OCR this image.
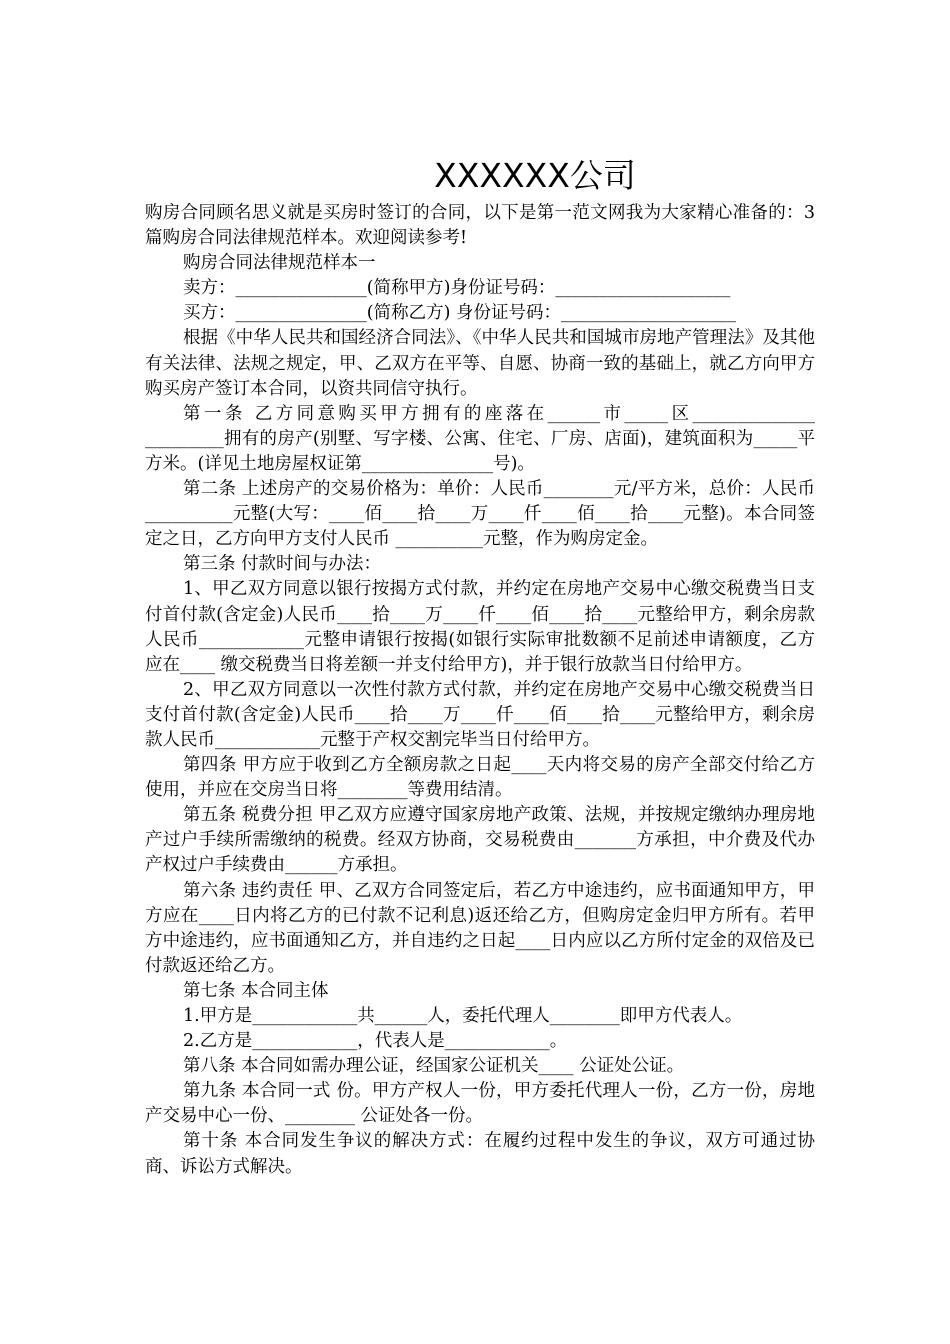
XXXXXX公司

购房合同顾名思义就是买房时签订的合同，以下是第一范文网我为大家精心准备的：3篇购房合同法律规范样本。欢迎阅读参考!

购房合同法律规范样本一

卖方：_______________(简称甲方)身份证号码：____________________

买方：_______________(简称乙方) 身份证号码：____________________

根据《中华人民共和国经济合同法》、《中华人民共和国城市房地产管理法》及其他有关法律、法规之规定，甲、乙双方在平等、自愿、协商一致的基础上，就乙方向甲方购买房产签订本合同，以资共同信守执行。

第一条 乙方同意购买甲方拥有的座落在______市_____区______________ _________拥有的房产(别墅、写字楼、公寓、住宅、厂房、店面)，建筑面积为_____平方米。(详见土地房屋权证第_______________号)。

第二条 上述房产的交易价格为：单价：人民币________元/平方米，总价：人民币__________元整(大写：____佰____拾____万____仟____佰____拾____元整)。本合同签定之日，乙方向甲方支付人民币 __________元整，作为购房定金。

第三条 付款时间与办法：

1、甲乙双方同意以银行按揭方式付款，并约定在房地产交易中心缴交税费当日支付首付款(含定金)人民币____拾____万____仟____佰____拾____元整给甲方，剩余房款人民币____________元整申请银行按揭(如银行实际审批数额不足前述申请额度，乙方应在____ 缴交税费当日将差额一并支付给甲方)，并于银行放款当日付给甲方。

2、甲乙双方同意以一次性付款方式付款，并约定在房地产交易中心缴交税费当日支付首付款(含定金)人民币____拾____万____仟____佰____拾____元整给甲方，剩余房款人民币____________元整于产权交割完毕当日付给甲方。

第四条 甲方应于收到乙方全额房款之日起____天内将交易的房产全部交付给乙方使用，并应在交房当日将________等费用结清。

第五条 税费分担 甲乙双方应遵守国家房地产政策、法规，并按规定缴纳办理房地产过户手续所需缴纳的税费。经双方协商，交易税费由_______方承担，中介费及代办产权过户手续费由______方承担。

第六条 违约责任 甲、乙双方合同签定后，若乙方中途违约，应书面通知甲方，甲方应在____日内将乙方的已付款不记利息)返还给乙方，但购房定金归甲方所有。若甲方中途违约，应书面通知乙方，并自违约之日起____日内应以乙方所付定金的双倍及已付款返还给乙方。

第七条 本合同主体

1.甲方是____________共______人，委托代理人________即甲方代表人。

2.乙方是____________，代表人是____________。

第八条 本合同如需办理公证，经国家公证机关____ 公证处公证。

第九条 本合同一式 份。甲方产权人一份，甲方委托代理人一份，乙方一份，房地产交易中心一份、________ 公证处各一份。

第十条 本合同发生争议的解决方式：在履约过程中发生的争议，双方可通过协商、诉讼方式解决。
